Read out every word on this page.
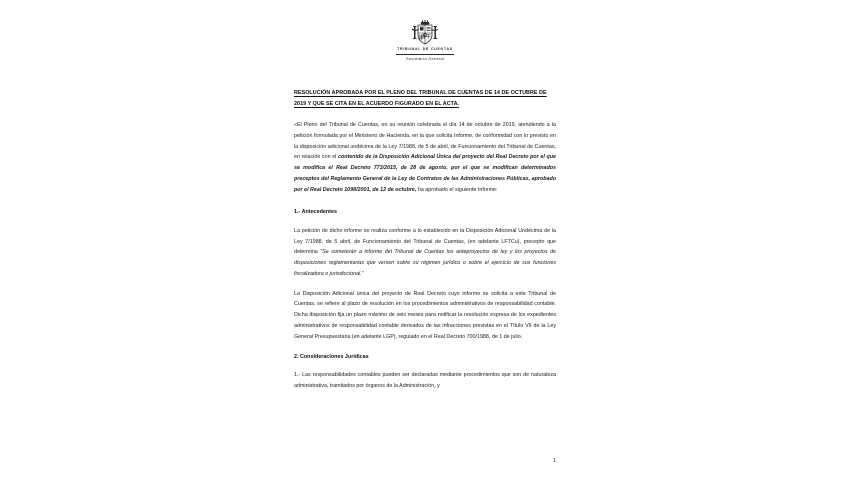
TRIBUNAL DE CUENTAS
Secretaría General
RESOLUCIÓN APROBADA POR EL PLENO DEL TRIBUNAL DE CUENTAS DE 14 DE OCTUBRE DE 2019 Y QUE SE CITA EN EL ACUERDO FIGURADO EN EL ACTA.

«El Pleno del Tribunal de Cuentas, en su reunión celebrada el día 14 de octubre de 2019, atendiendo a la petición formulada por el Ministerio de Hacienda, en la que solicita Informe, de conformidad con lo previsto en la disposición adicional undécima de la Ley 7/1988, de 5 de abril, de Funcionamiento del Tribunal de Cuentas, en relación con el contenido de la Disposición Adicional Única del proyecto del Real Decreto por el que se modifica el Real Decreto 773/2015, de 28 de agosto, por el que se modifican determinados preceptos del Reglamento General de la Ley de Contratos de las Administraciones Públicas, aprobado por el Real Decreto 1098/2001, de 12 de octubre, ha aprobado el siguiente Informe:

1.- Antecedentes

La petición de dicho informe se realiza conforme a lo establecido en la Disposición Adicional Undécima de la Ley 7/1988, de 5 abril, de Funcionamiento del Tribunal de Cuentas, (en adelante LFTCu), precepto que determina "Se someterán a informe del Tribunal de Cuentas los anteproyectos de ley y los proyectos de disposiciones reglamentarias que versen sobre su régimen jurídico o sobre el ejercicio de sus funciones fiscalizadora o jurisdiccional."

La Disposición Adicional única del proyecto de Real Decreto cuyo informe se solicita a este Tribunal de Cuentas, se refiere al plazo de resolución en los procedimientos administrativos de responsabilidad contable. Dicha disposición fija un plazo máximo de seis meses para notificar la resolución expresa de los expedientes administrativos de responsabilidad contable derivados de las infracciones previstas en el Título VII de la Ley General Presupuestaria (en adelante LGP), regulado en el Real Decreto 700/1988, de 1 de julio.

2. Consideraciones Jurídicas

1.- Las responsabilidades contables pueden ser declaradas mediante procedimientos que son de naturaleza administrativa, tramitados por órganos de la Administración, y

1
